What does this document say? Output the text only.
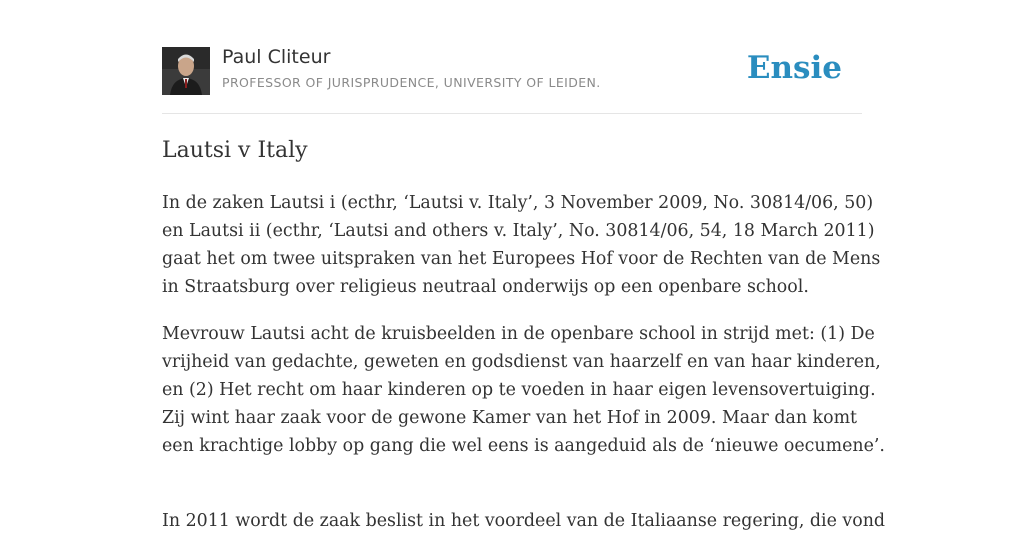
Paul Cliteur
PROFESSOR OF JURISPRUDENCE, UNIVERSITY OF LEIDEN.	Ensie
Lautsi v Italy

In de zaken Lautsi i (ecthr, ‘Lautsi v. Italy’, 3 November 2009, No. 30814/06, 50)
en Lautsi ii (ecthr, ‘Lautsi and others v. Italy’, No. 30814/06, 54, 18 March 2011)
gaat het om twee uitspraken van het Europees Hof voor de Rechten van de Mens
in Straatsburg over religieus neutraal onderwijs op een openbare school.

Mevrouw Lautsi acht de kruisbeelden in de openbare school in strijd met: (1) De
vrijheid van gedachte, geweten en godsdienst van haarzelf en van haar kinderen,
en (2) Het recht om haar kinderen op te voeden in haar eigen levensovertuiging.
Zij wint haar zaak voor de gewone Kamer van het Hof in 2009. Maar dan komt
een krachtige lobby op gang die wel eens is aangeduid als de ‘nieuwe oecumene’.

In 2011 wordt de zaak beslist in het voordeel van de Italiaanse regering, die vond
